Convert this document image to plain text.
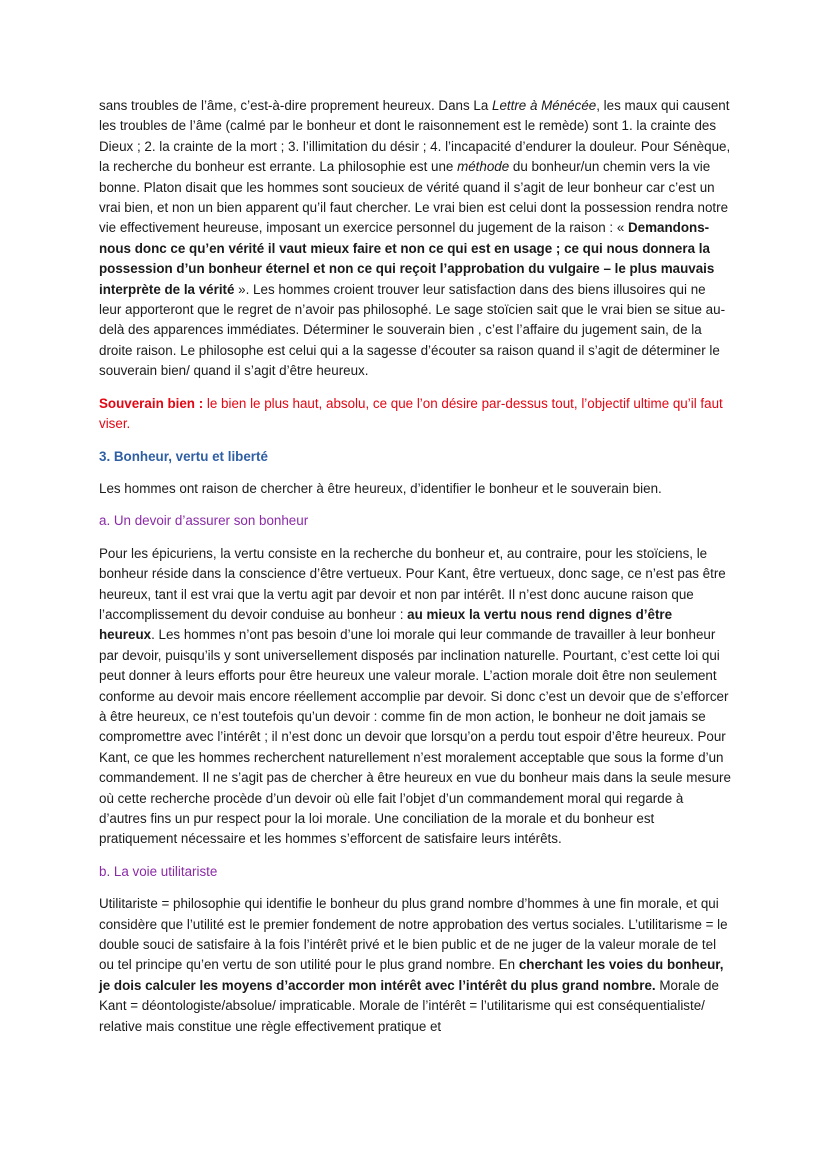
sans troubles de l’âme, c’est-à-dire proprement heureux. Dans La Lettre à Ménécée, les maux qui causent les troubles de l’âme (calmé par le bonheur et dont le raisonnement est le remède) sont 1. la crainte des Dieux ; 2. la crainte de la mort ; 3. l’illimitation du désir ; 4. l’incapacité d’endurer la douleur. Pour Sénèque, la recherche du bonheur est errante. La philosophie est une méthode du bonheur/un chemin vers la vie bonne. Platon disait que les hommes sont soucieux de vérité quand il s’agit de leur bonheur car c’est un vrai bien, et non un bien apparent qu’il faut chercher. Le vrai bien est celui dont la possession rendra notre vie effectivement heureuse, imposant un exercice personnel du jugement de la raison : « Demandons-nous donc ce qu’en vérité il vaut mieux faire et non ce qui est en usage ; ce qui nous donnera la possession d’un bonheur éternel et non ce qui reçoit l’approbation du vulgaire – le plus mauvais interprète de la vérité ». Les hommes croient trouver leur satisfaction dans des biens illusoires qui ne leur apporteront que le regret de n’avoir pas philosophé. Le sage stoïcien sait que le vrai bien se situe au-delà des apparences immédiates. Déterminer le souverain bien , c’est l’affaire du jugement sain, de la droite raison. Le philosophe est celui qui a la sagesse d’écouter sa raison quand il s’agit de déterminer le souverain bien/ quand il s’agit d’être heureux.

Souverain bien : le bien le plus haut, absolu, ce que l’on désire par-dessus tout, l’objectif ultime qu’il faut viser.

3. Bonheur, vertu et liberté

Les hommes ont raison de chercher à être heureux, d’identifier le bonheur et le souverain bien.

a. Un devoir d’assurer son bonheur

Pour les épicuriens, la vertu consiste en la recherche du bonheur et, au contraire, pour les stoïciens, le bonheur réside dans la conscience d’être vertueux. Pour Kant, être vertueux, donc sage, ce n’est pas être heureux, tant il est vrai que la vertu agit par devoir et non par intérêt. Il n’est donc aucune raison que l’accomplissement du devoir conduise au bonheur : au mieux la vertu nous rend dignes d’être heureux. Les hommes n’ont pas besoin d’une loi morale qui leur commande de travailler à leur bonheur par devoir, puisqu’ils y sont universellement disposés par inclination naturelle. Pourtant, c’est cette loi qui peut donner à leurs efforts pour être heureux une valeur morale. L’action morale doit être non seulement conforme au devoir mais encore réellement accomplie par devoir. Si donc c’est un devoir que de s’efforcer à être heureux, ce n’est toutefois qu’un devoir : comme fin de mon action, le bonheur ne doit jamais se compromettre avec l’intérêt ; il n’est donc un devoir que lorsqu’on a perdu tout espoir d’être heureux. Pour Kant, ce que les hommes recherchent naturellement n’est moralement acceptable que sous la forme d’un commandement. Il ne s’agit pas de chercher à être heureux en vue du bonheur mais dans la seule mesure où cette recherche procède d’un devoir où elle fait l’objet d’un commandement moral qui regarde à d’autres fins un pur respect pour la loi morale. Une conciliation de la morale et du bonheur est pratiquement nécessaire et les hommes s’efforcent de satisfaire leurs intérêts.

b. La voie utilitariste

Utilitariste = philosophie qui identifie le bonheur du plus grand nombre d’hommes à une fin morale, et qui considère que l’utilité est le premier fondement de notre approbation des vertus sociales. L’utilitarisme = le double souci de satisfaire à la fois l’intérêt privé et le bien public et de ne juger de la valeur morale de tel ou tel principe qu’en vertu de son utilité pour le plus grand nombre. En cherchant les voies du bonheur, je dois calculer les moyens d’accorder mon intérêt avec l’intérêt du plus grand nombre. Morale de Kant = déontologiste/absolue/ impraticable. Morale de l’intérêt = l’utilitarisme qui est conséquentialiste/ relative mais constitue une règle effectivement pratique et
